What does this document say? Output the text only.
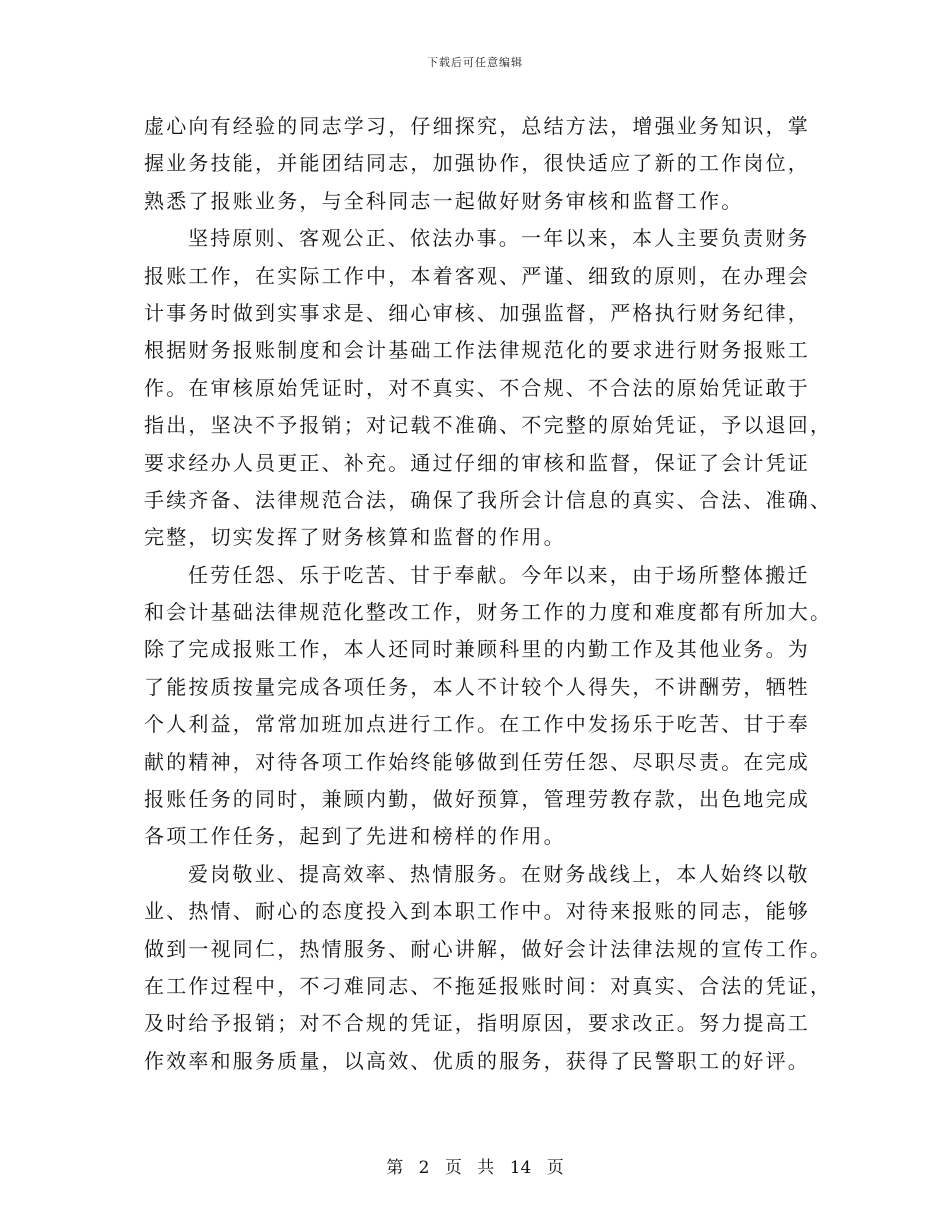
下载后可任意编辑
虚心向有经验的同志学习，仔细探究，总结方法，增强业务知识，掌
握业务技能，并能团结同志，加强协作，很快适应了新的工作岗位，
熟悉了报账业务，与全科同志一起做好财务审核和监督工作。
坚持原则、客观公正、依法办事。一年以来，本人主要负责财务
报账工作，在实际工作中，本着客观、严谨、细致的原则，在办理会
计事务时做到实事求是、细心审核、加强监督，严格执行财务纪律，
根据财务报账制度和会计基础工作法律规范化的要求进行财务报账工
作。在审核原始凭证时，对不真实、不合规、不合法的原始凭证敢于
指出，坚决不予报销；对记载不准确、不完整的原始凭证，予以退回，
要求经办人员更正、补充。通过仔细的审核和监督，保证了会计凭证
手续齐备、法律规范合法，确保了我所会计信息的真实、合法、准确、
完整，切实发挥了财务核算和监督的作用。
任劳任怨、乐于吃苦、甘于奉献。今年以来，由于场所整体搬迁
和会计基础法律规范化整改工作，财务工作的力度和难度都有所加大。
除了完成报账工作，本人还同时兼顾科里的内勤工作及其他业务。为
了能按质按量完成各项任务，本人不计较个人得失，不讲酬劳，牺牲
个人利益，常常加班加点进行工作。在工作中发扬乐于吃苦、甘于奉
献的精神，对待各项工作始终能够做到任劳任怨、尽职尽责。在完成
报账任务的同时，兼顾内勤，做好预算，管理劳教存款，出色地完成
各项工作任务，起到了先进和榜样的作用。
爱岗敬业、提高效率、热情服务。在财务战线上，本人始终以敬
业、热情、耐心的态度投入到本职工作中。对待来报账的同志，能够
做到一视同仁，热情服务、耐心讲解，做好会计法律法规的宣传工作。
在工作过程中，不刁难同志、不拖延报账时间：对真实、合法的凭证，
及时给予报销；对不合规的凭证，指明原因，要求改正。努力提高工
作效率和服务质量，以高效、优质的服务，获得了民警职工的好评。
第 2 页 共 14 页
